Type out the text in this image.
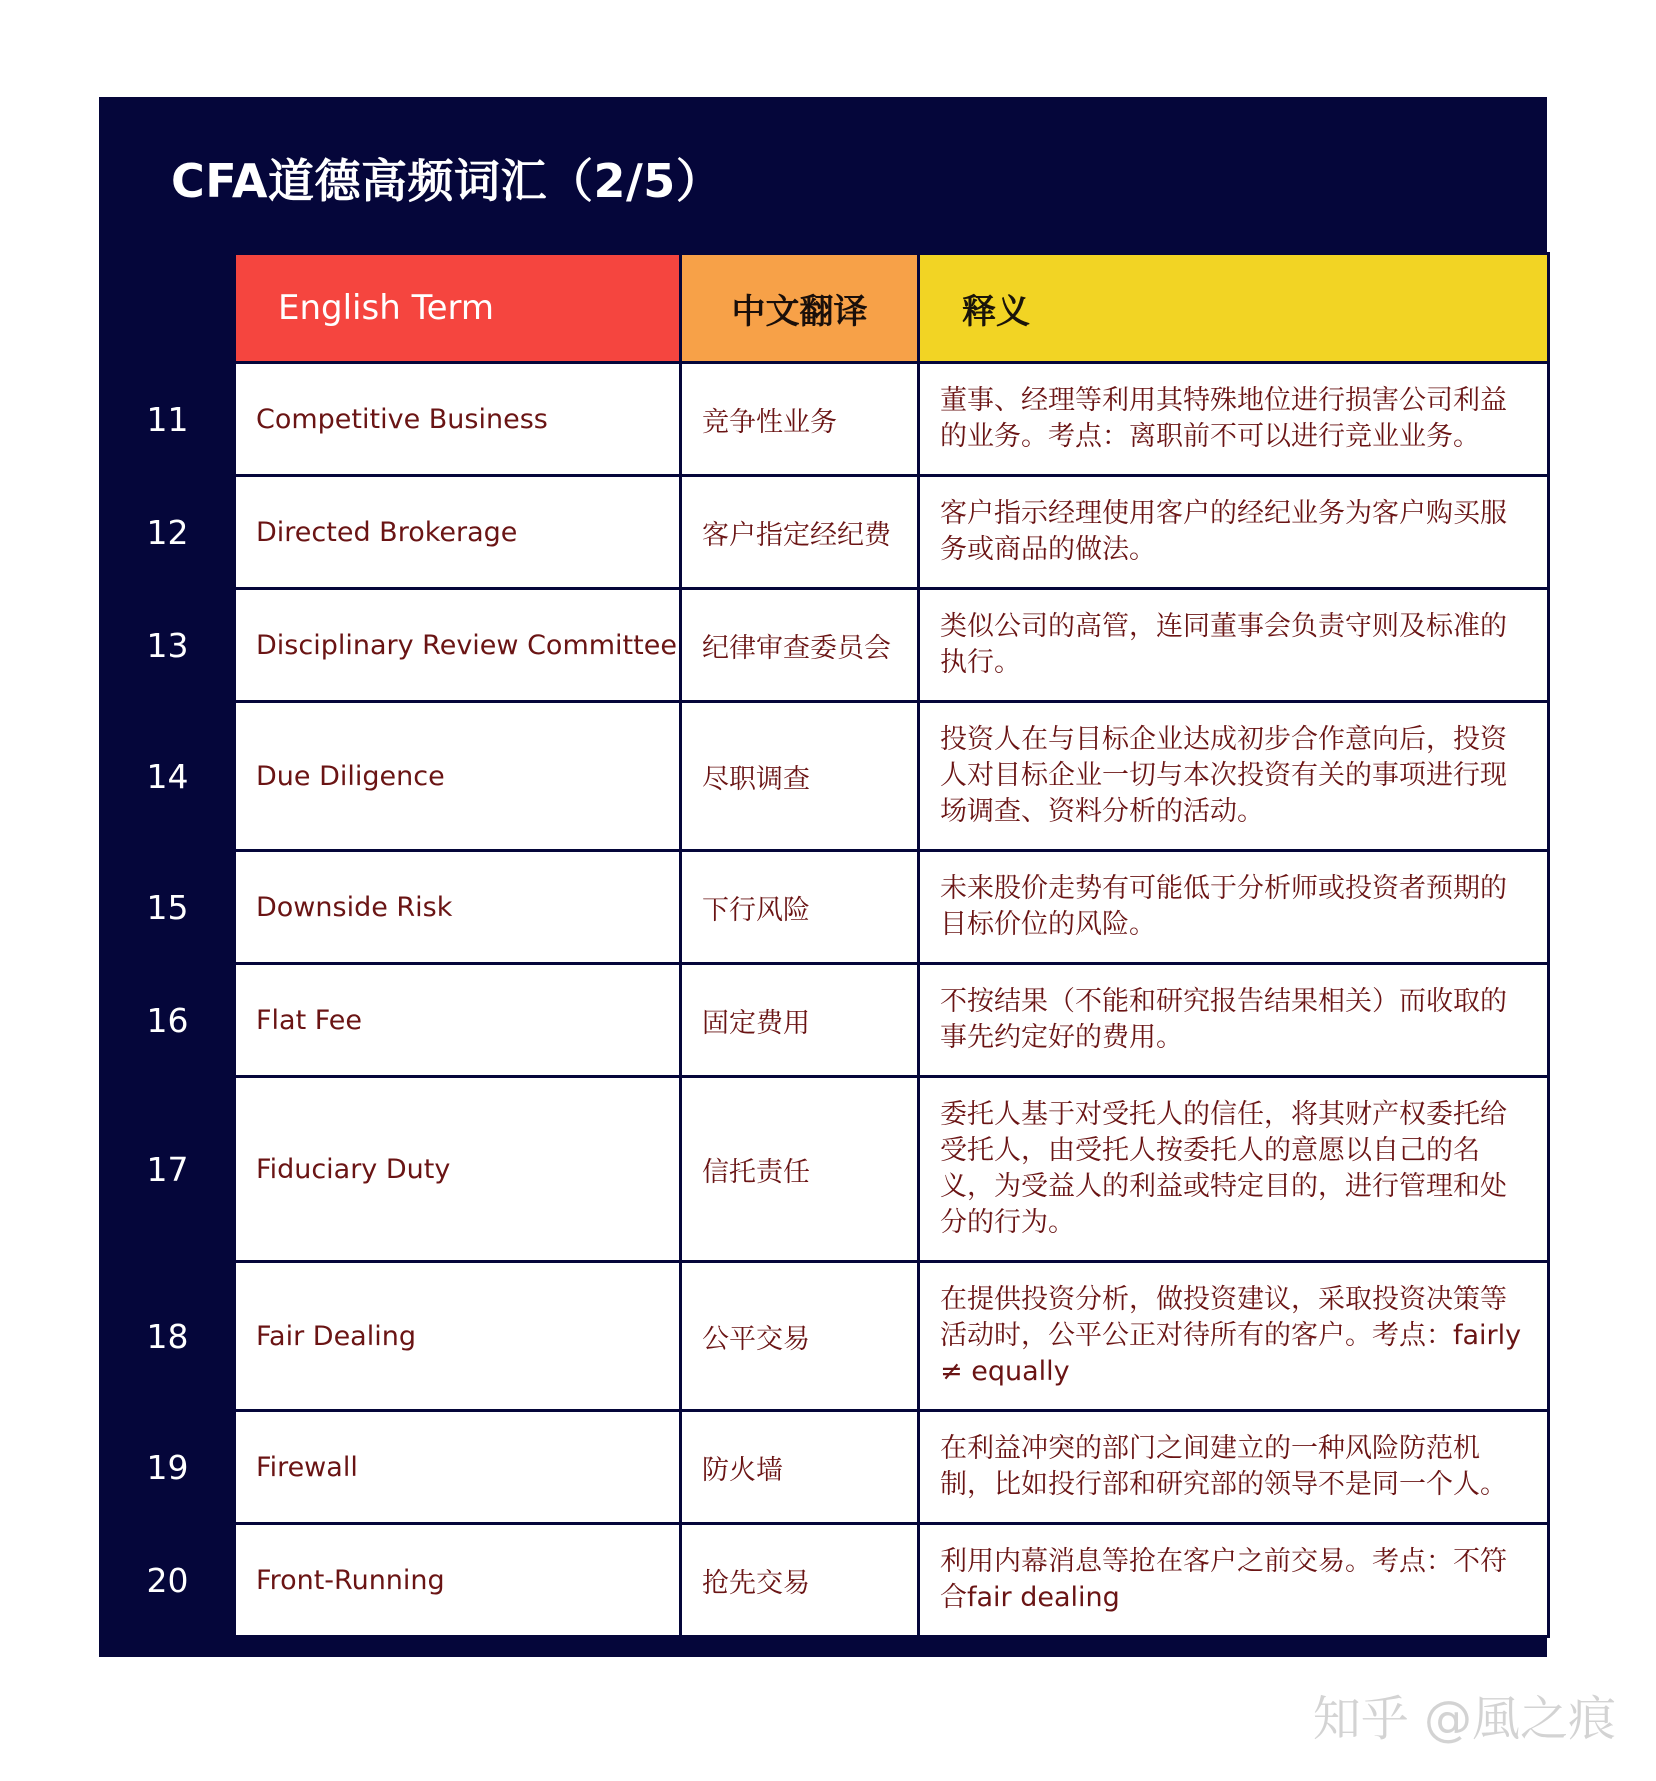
CFA道德高频词汇（2/5）
	English Term	中文翻译	释义
11	Competitive Business	竞争性业务	董事、经理等利用其特殊地位进行损害公司利益的业务。考点：离职前不可以进行竞业业务。
12	Directed Brokerage	客户指定经纪费	客户指示经理使用客户的经纪业务为客户购买服务或商品的做法。
13	Disciplinary Review Committee	纪律审查委员会	类似公司的高管，连同董事会负责守则及标准的执行。
14	Due Diligence	尽职调查	投资人在与目标企业达成初步合作意向后，投资人对目标企业一切与本次投资有关的事项进行现场调查、资料分析的活动。
15	Downside Risk	下行风险	未来股价走势有可能低于分析师或投资者预期的目标价位的风险。
16	Flat Fee	固定费用	不按结果（不能和研究报告结果相关）而收取的事先约定好的费用。
17	Fiduciary Duty	信托责任	委托人基于对受托人的信任，将其财产权委托给受托人，由受托人按委托人的意愿以自己的名义，为受益人的利益或特定目的，进行管理和处分的行为。
18	Fair Dealing	公平交易	在提供投资分析，做投资建议，采取投资决策等活动时，公平公正对待所有的客户。考点：fairly ≠ equally
19	Firewall	防火墙	在利益冲突的部门之间建立的一种风险防范机制，比如投行部和研究部的领导不是同一个人。
20	Front-Running	抢先交易	利用内幕消息等抢在客户之前交易。考点：不符合fair dealing
知乎 @風之痕
